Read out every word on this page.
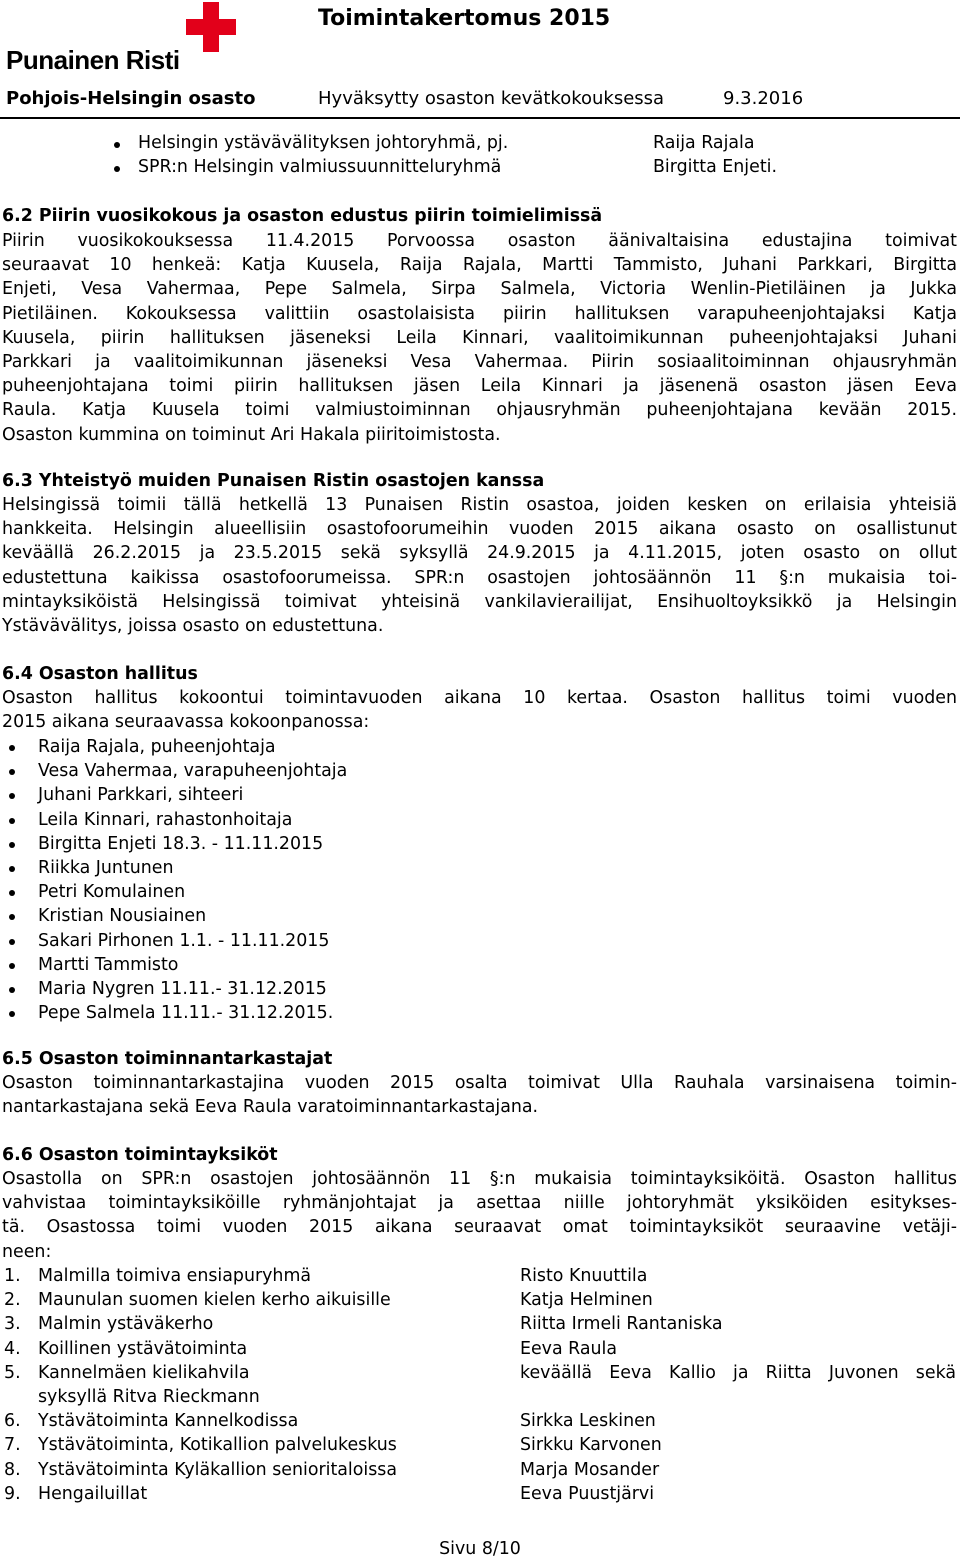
Punainen Risti
Toimintakertomus 2015
Pohjois-Helsingin osasto	Hyväksytty osaston kevätkokouksessa	9.3.2016
Helsingin ystävävälityksen johtoryhmä, pj.	Raija Rajala
SPR:n Helsingin valmiussuunnitteluryhmä	Birgitta Enjeti.
6.2 Piirin vuosikokous ja osaston edustus piirin toimielimissä
Piirin vuosikokouksessa 11.4.2015 Porvoossa osaston äänivaltaisina edustajina toimivat
seuraavat 10 henkeä: Katja Kuusela, Raija Rajala, Martti Tammisto, Juhani Parkkari, Birgitta
Enjeti, Vesa Vahermaa, Pepe Salmela, Sirpa Salmela, Victoria Wenlin-Pietiläinen ja Jukka
Pietiläinen. Kokouksessa valittiin osastolaisista piirin hallituksen varapuheenjohtajaksi Katja
Kuusela, piirin hallituksen jäseneksi Leila Kinnari, vaalitoimikunnan puheenjohtajaksi Juhani
Parkkari ja vaalitoimikunnan jäseneksi Vesa Vahermaa. Piirin sosiaalitoiminnan ohjausryhmän
puheenjohtajana toimi piirin hallituksen jäsen Leila Kinnari ja jäsenenä osaston jäsen Eeva
Raula. Katja Kuusela toimi valmiustoiminnan ohjausryhmän puheenjohtajana kevään 2015.
Osaston kummina on toiminut Ari Hakala piiritoimistosta.
6.3 Yhteistyö muiden Punaisen Ristin osastojen kanssa
Helsingissä toimii tällä hetkellä 13 Punaisen Ristin osastoa, joiden kesken on erilaisia yhteisiä
hankkeita. Helsingin alueellisiin osastofoorumeihin vuoden 2015 aikana osasto on osallistunut
keväällä 26.2.2015 ja 23.5.2015 sekä syksyllä 24.9.2015 ja 4.11.2015, joten osasto on ollut
edustettuna kaikissa osastofoorumeissa. SPR:n osastojen johtosäännön 11 §:n mukaisia toi-
mintayksiköistä Helsingissä toimivat yhteisinä vankilavierailijat, Ensihuoltoyksikkö ja Helsingin
Ystävävälitys, joissa osasto on edustettuna.
6.4 Osaston hallitus
Osaston hallitus kokoontui toimintavuoden aikana 10 kertaa. Osaston hallitus toimi vuoden
2015 aikana seuraavassa kokoonpanossa:
Raija Rajala, puheenjohtaja
Vesa Vahermaa, varapuheenjohtaja
Juhani Parkkari, sihteeri
Leila Kinnari, rahastonhoitaja
Birgitta Enjeti 18.3. - 11.11.2015
Riikka Juntunen
Petri Komulainen
Kristian Nousiainen
Sakari Pirhonen 1.1. - 11.11.2015
Martti Tammisto
Maria Nygren 11.11.- 31.12.2015
Pepe Salmela 11.11.- 31.12.2015.
6.5 Osaston toiminnantarkastajat
Osaston toiminnantarkastajina vuoden 2015 osalta toimivat Ulla Rauhala varsinaisena toimin-
nantarkastajana sekä Eeva Raula varatoiminnantarkastajana.
6.6 Osaston toimintayksiköt
Osastolla on SPR:n osastojen johtosäännön 11 §:n mukaisia toimintayksiköitä. Osaston hallitus
vahvistaa toimintayksiköille ryhmänjohtajat ja asettaa niille johtoryhmät yksiköiden esitykses-
tä. Osastossa toimi vuoden 2015 aikana seuraavat omat toimintayksiköt seuraavine vetäji-
neen:
1. Malmilla toimiva ensiapuryhmä	Risto Knuuttila
2. Maunulan suomen kielen kerho aikuisille	Katja Helminen
3. Malmin ystäväkerho	Riitta Irmeli Rantaniska
4. Koillinen ystävätoiminta	Eeva Raula
5. Kannelmäen kielikahvila	keväällä Eeva Kallio ja Riitta Juvonen sekä
syksyllä Ritva Rieckmann
6. Ystävätoiminta Kannelkodissa	Sirkka Leskinen
7. Ystävätoiminta, Kotikallion palvelukeskus	Sirkku Karvonen
8. Ystävätoiminta Kyläkallion senioritaloissa	Marja Mosander
9. Hengailuillat	Eeva Puustjärvi
Sivu 8/10
